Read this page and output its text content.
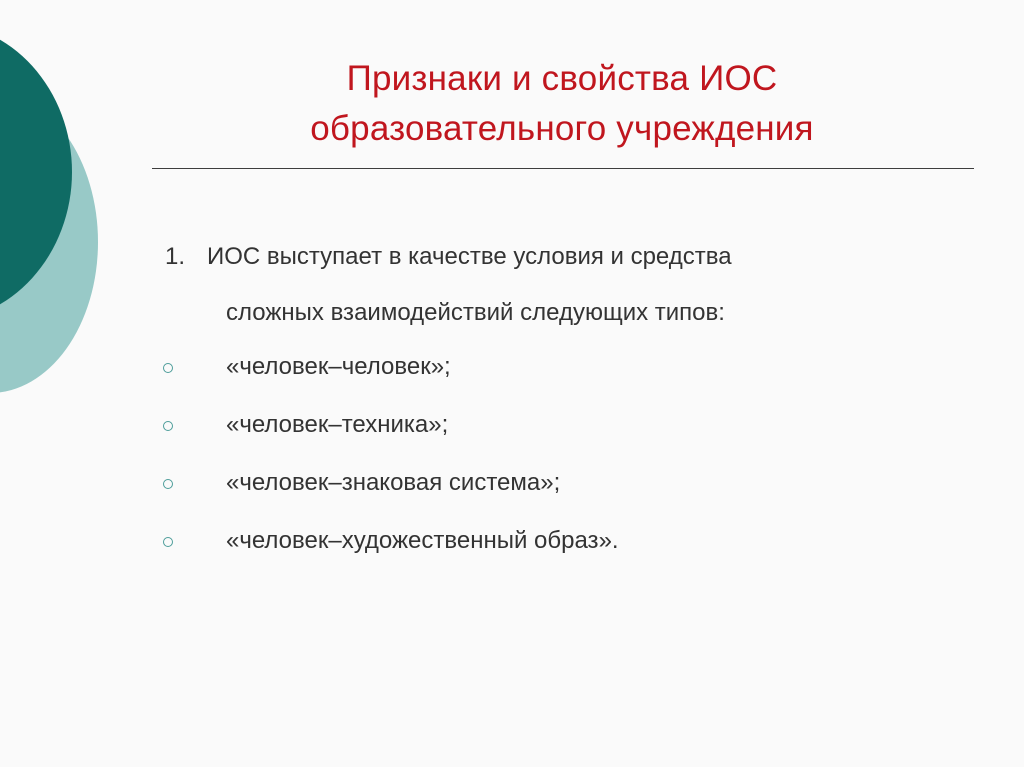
Признаки и свойства ИОС
образовательного учреждения
1. ИОС выступает в качестве условия и средства
сложных взаимодействий следующих типов:
«человек–человек»;
«человек–техника»;
«человек–знаковая система»;
«человек–художественный образ».
